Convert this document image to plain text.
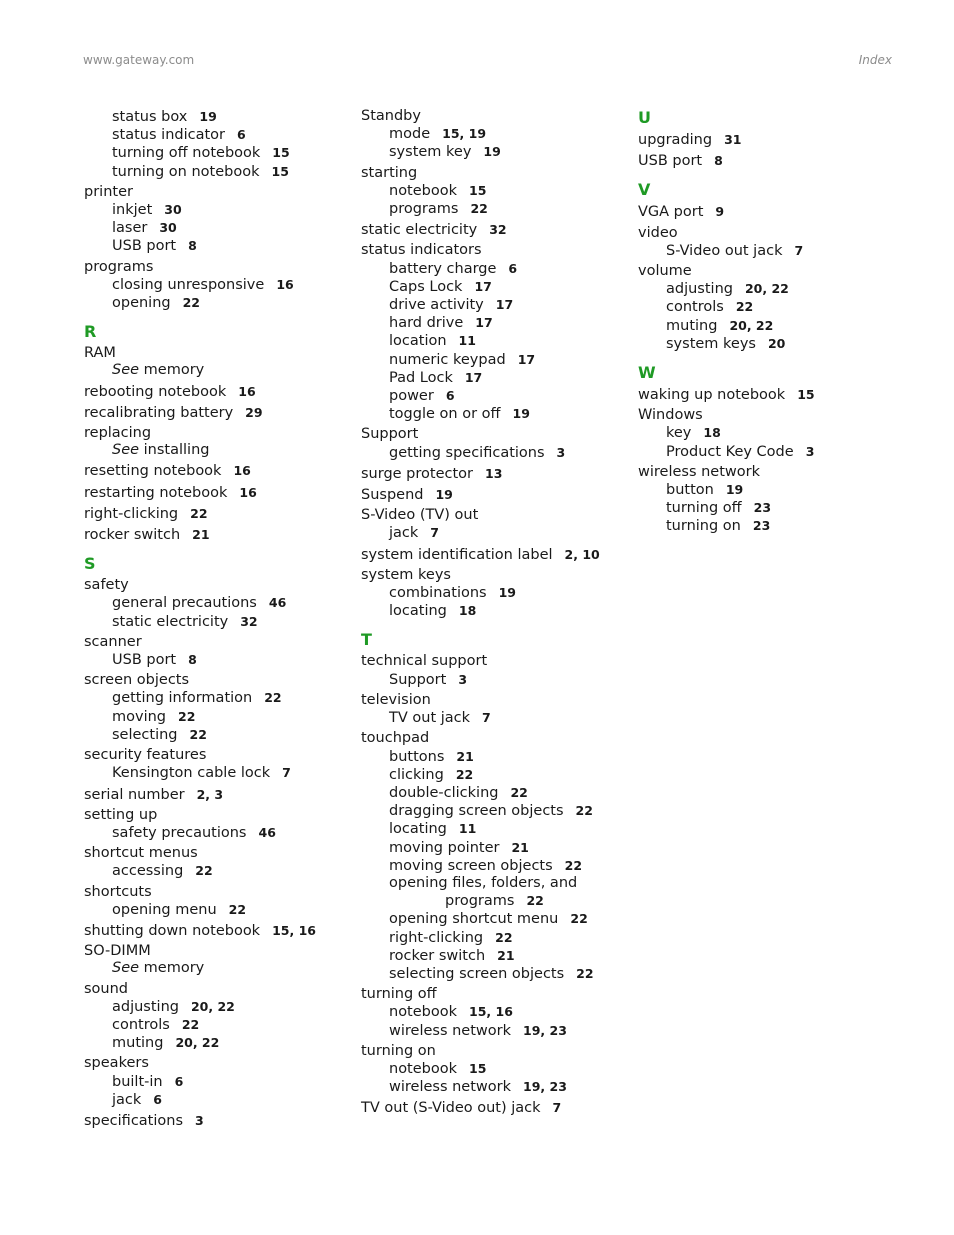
www.gateway.com	Index
status box 19
status indicator 6
turning off notebook 15
turning on notebook 15
printer
inkjet 30
laser 30
USB port 8
programs
closing unresponsive 16
opening 22
R
RAM
See memory
rebooting notebook 16
recalibrating battery 29
replacing
See installing
resetting notebook 16
restarting notebook 16
right-clicking 22
rocker switch 21
S
safety
general precautions 46
static electricity 32
scanner
USB port 8
screen objects
getting information 22
moving 22
selecting 22
security features
Kensington cable lock 7
serial number 2, 3
setting up
safety precautions 46
shortcut menus
accessing 22
shortcuts
opening menu 22
shutting down notebook 15, 16
SO-DIMM
See memory
sound
adjusting 20, 22
controls 22
muting 20, 22
speakers
built-in 6
jack 6
specifications 3
Standby
mode 15, 19
system key 19
starting
notebook 15
programs 22
static electricity 32
status indicators
battery charge 6
Caps Lock 17
drive activity 17
hard drive 17
location 11
numeric keypad 17
Pad Lock 17
power 6
toggle on or off 19
Support
getting specifications 3
surge protector 13
Suspend 19
S-Video (TV) out
jack 7
system identification label 2, 10
system keys
combinations 19
locating 18
T
technical support
Support 3
television
TV out jack 7
touchpad
buttons 21
clicking 22
double-clicking 22
dragging screen objects 22
locating 11
moving pointer 21
moving screen objects 22
opening files, folders, and
programs 22
opening shortcut menu 22
right-clicking 22
rocker switch 21
selecting screen objects 22
turning off
notebook 15, 16
wireless network 19, 23
turning on
notebook 15
wireless network 19, 23
TV out (S-Video out) jack 7
U
upgrading 31
USB port 8
V
VGA port 9
video
S-Video out jack 7
volume
adjusting 20, 22
controls 22
muting 20, 22
system keys 20
W
waking up notebook 15
Windows
key 18
Product Key Code 3
wireless network
button 19
turning off 23
turning on 23
